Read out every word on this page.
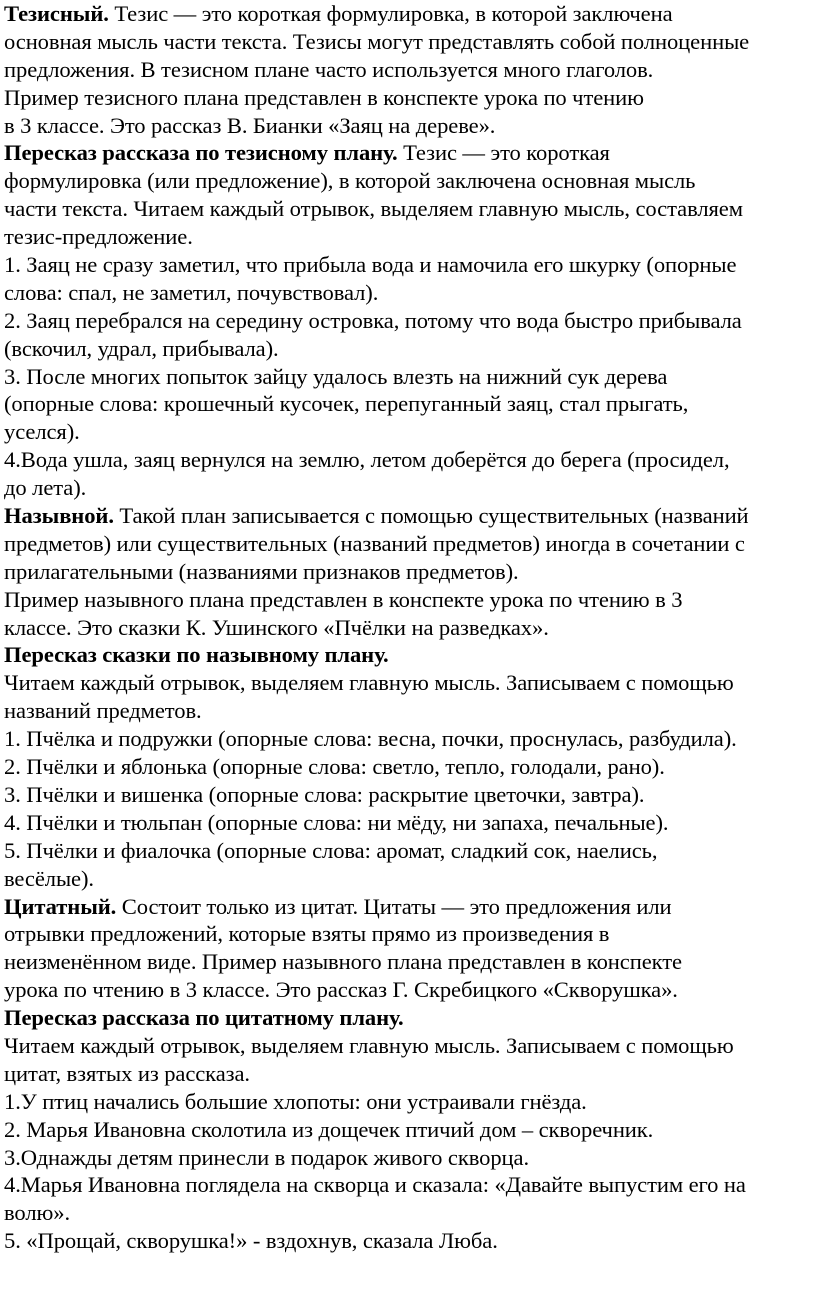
Тезисный. Тезис — это короткая формулировка, в которой заключена
основная мысль части текста. Тезисы могут представлять собой полноценные
предложения. В тезисном плане часто используется много глаголов.
Пример тезисного плана представлен в конспекте урока по чтению
в 3 классе. Это рассказ В. Бианки «Заяц на дереве».
Пересказ рассказа по тезисному плану. Тезис — это короткая
формулировка (или предложение), в которой заключена основная мысль
части текста. Читаем каждый отрывок, выделяем главную мысль, составляем
тезис-предложение.
1. Заяц не сразу заметил, что прибыла вода и намочила его шкурку (опорные
слова: спал, не заметил, почувствовал).
2. Заяц перебрался на середину островка, потому что вода быстро прибывала
(вскочил, удрал, прибывала).
3. После многих попыток зайцу удалось влезть на нижний сук дерева
(опорные слова: крошечный кусочек, перепуганный заяц, стал прыгать,
уселся).
4.Вода ушла, заяц вернулся на землю, летом доберётся до берега (просидел,
до лета).
Назывной. Такой план записывается с помощью существительных (названий
предметов) или существительных (названий предметов) иногда в сочетании с
прилагательными (названиями признаков предметов).
Пример назывного плана представлен в конспекте урока по чтению в 3
классе. Это сказки К. Ушинского «Пчёлки на разведках».
Пересказ сказки по назывному плану.
Читаем каждый отрывок, выделяем главную мысль. Записываем с помощью
названий предметов.
1. Пчёлка и подружки (опорные слова: весна, почки, проснулась, разбудила).
2. Пчёлки и яблонька (опорные слова: светло, тепло, голодали, рано).
3. Пчёлки и вишенка (опорные слова: раскрытие цветочки, завтра).
4. Пчёлки и тюльпан (опорные слова: ни мёду, ни запаха, печальные).
5. Пчёлки и фиалочка (опорные слова: аромат, сладкий сок, наелись,
весёлые).
Цитатный. Состоит только из цитат. Цитаты — это предложения или
отрывки предложений, которые взяты прямо из произведения в
неизменённом виде. Пример назывного плана представлен в конспекте
урока по чтению в 3 классе. Это рассказ Г. Скребицкого «Скворушка».
Пересказ рассказа по цитатному плану.
Читаем каждый отрывок, выделяем главную мысль. Записываем с помощью
цитат, взятых из рассказа.
1.У птиц начались большие хлопоты: они устраивали гнёзда.
2. Марья Ивановна сколотила из дощечек птичий дом – скворечник.
3.Однажды детям принесли в подарок живого скворца.
4.Марья Ивановна поглядела на скворца и сказала: «Давайте выпустим его на
волю».
5. «Прощай, скворушка!» - вздохнув, сказала Люба.
